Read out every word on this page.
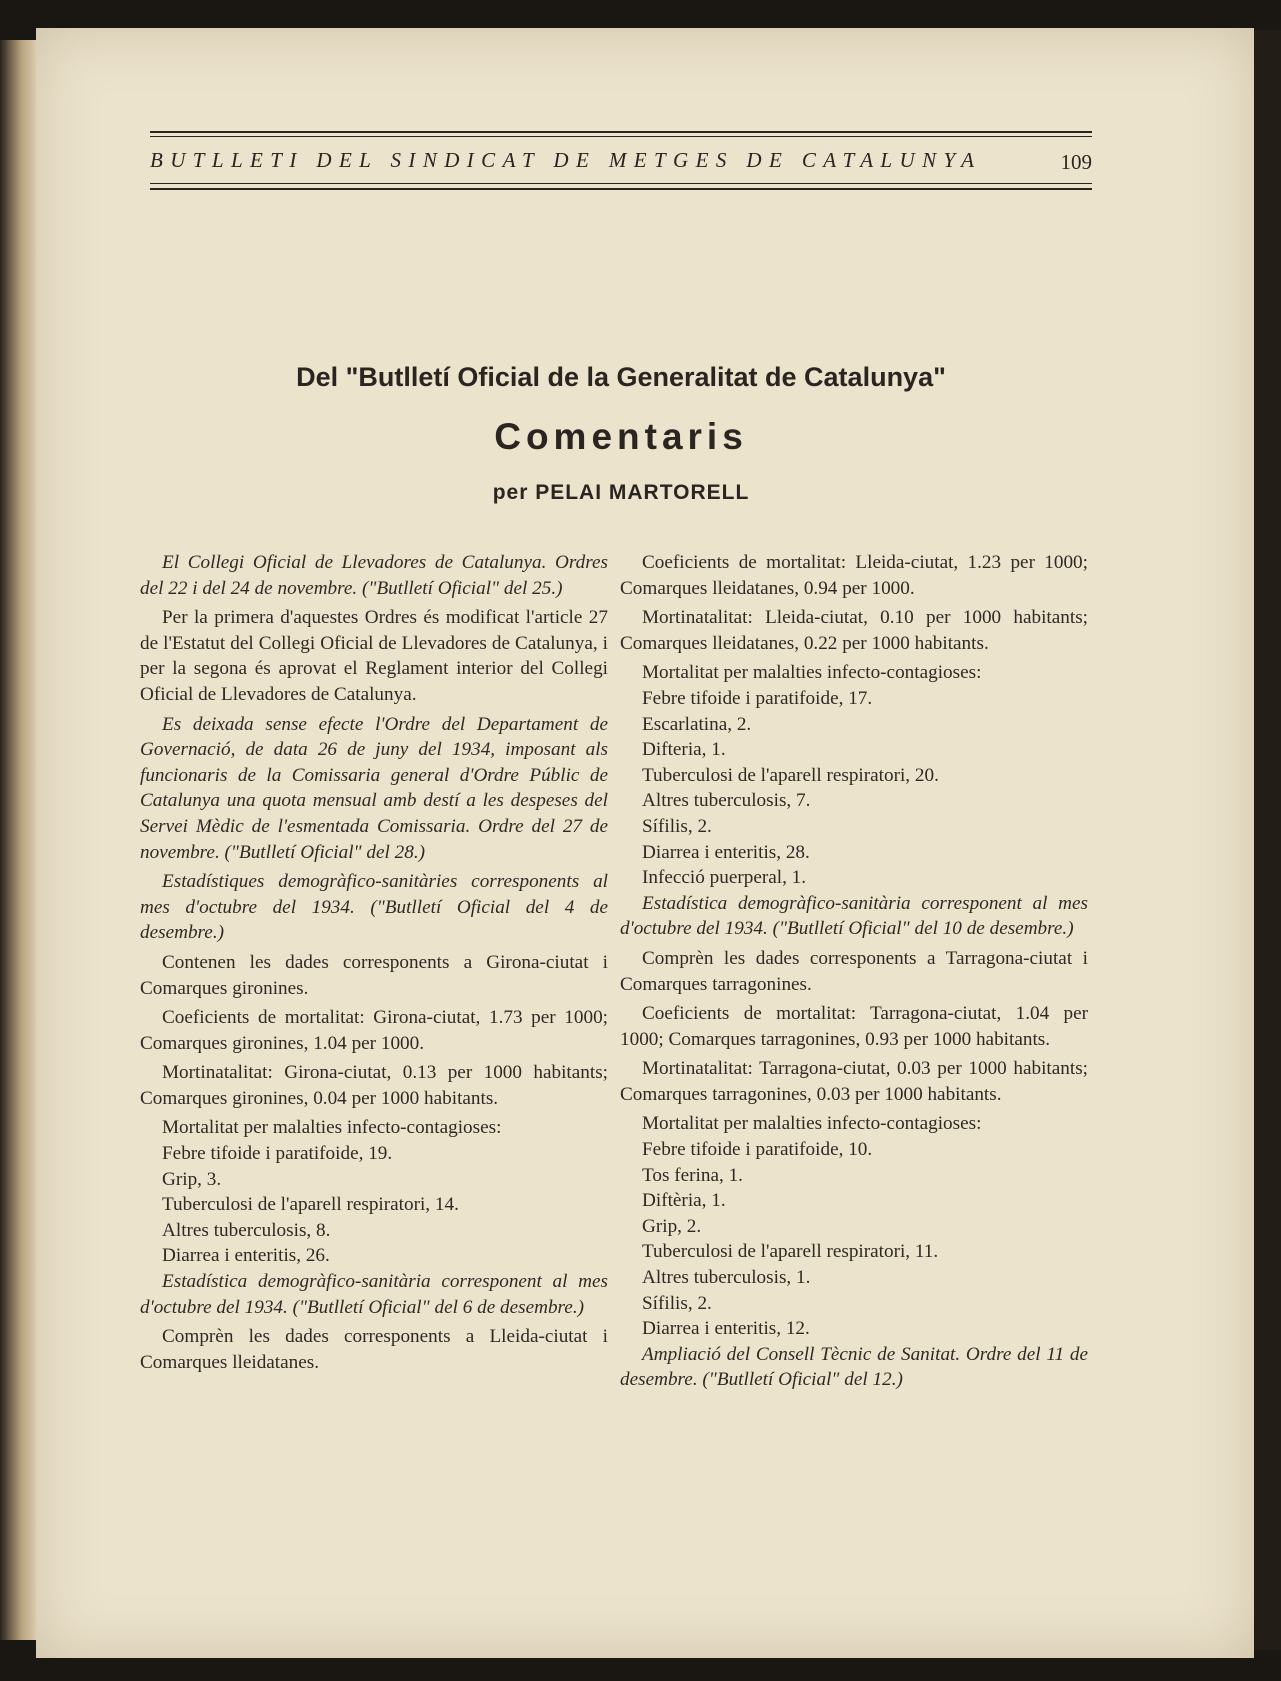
BUTLLETI DEL SINDICAT DE METGES DE CATALUNYA	109
Del "Butlletí Oficial de la Generalitat de Catalunya"
Comentaris
per PELAI MARTORELL

El Collegi Oficial de Llevadores de Catalunya. Ordres del 22 i del 24 de novembre. ("Butlletí Oficial" del 25.)

Per la primera d'aquestes Ordres és modificat l'article 27 de l'Estatut del Collegi Oficial de Llevadores de Catalunya, i per la segona és aprovat el Reglament interior del Collegi Oficial de Llevadores de Catalunya.

Es deixada sense efecte l'Ordre del Departament de Governació, de data 26 de juny del 1934, imposant als funcionaris de la Comissaria general d'Ordre Públic de Catalunya una quota mensual amb destí a les despeses del Servei Mèdic de l'esmentada Comissaria. Ordre del 27 de novembre. ("Butlletí Oficial" del 28.)

Estadístiques demogràfico-sanitàries corresponents al mes d'octubre del 1934. ("Butlletí Oficial del 4 de desembre.)

Contenen les dades corresponents a Girona-ciutat i Comarques gironines.

Coeficients de mortalitat: Girona-ciutat, 1.73 per 1000; Comarques gironines, 1.04 per 1000.

Mortinatalitat: Girona-ciutat, 0.13 per 1000 habitants; Comarques gironines, 0.04 per 1000 habitants.

Mortalitat per malalties infecto-contagioses:

Febre tifoide i paratifoide, 19.

Grip, 3.

Tuberculosi de l'aparell respiratori, 14.

Altres tuberculosis, 8.

Diarrea i enteritis, 26.

Estadística demogràfico-sanitària corresponent al mes d'octubre del 1934. ("Butlletí Oficial" del 6 de desembre.)

Comprèn les dades corresponents a Lleida-ciutat i Comarques lleidatanes.

Coeficients de mortalitat: Lleida-ciutat, 1.23 per 1000; Comarques lleidatanes, 0.94 per 1000.

Mortinatalitat: Lleida-ciutat, 0.10 per 1000 habitants; Comarques lleidatanes, 0.22 per 1000 habitants.

Mortalitat per malalties infecto-contagioses:

Febre tifoide i paratifoide, 17.

Escarlatina, 2.

Difteria, 1.

Tuberculosi de l'aparell respiratori, 20.

Altres tuberculosis, 7.

Sífilis, 2.

Diarrea i enteritis, 28.

Infecció puerperal, 1.

Estadística demogràfico-sanitària corresponent al mes d'octubre del 1934. ("Butlletí Oficial" del 10 de desembre.)

Comprèn les dades corresponents a Tarragona-ciutat i Comarques tarragonines.

Coeficients de mortalitat: Tarragona-ciutat, 1.04 per 1000; Comarques tarragonines, 0.93 per 1000 habitants.

Mortinatalitat: Tarragona-ciutat, 0.03 per 1000 habitants; Comarques tarragonines, 0.03 per 1000 habitants.

Mortalitat per malalties infecto-contagioses:

Febre tifoide i paratifoide, 10.

Tos ferina, 1.

Diftèria, 1.

Grip, 2.

Tuberculosi de l'aparell respiratori, 11.

Altres tuberculosis, 1.

Sífilis, 2.

Diarrea i enteritis, 12.

Ampliació del Consell Tècnic de Sanitat. Ordre del 11 de desembre. ("Butlletí Oficial" del 12.)
